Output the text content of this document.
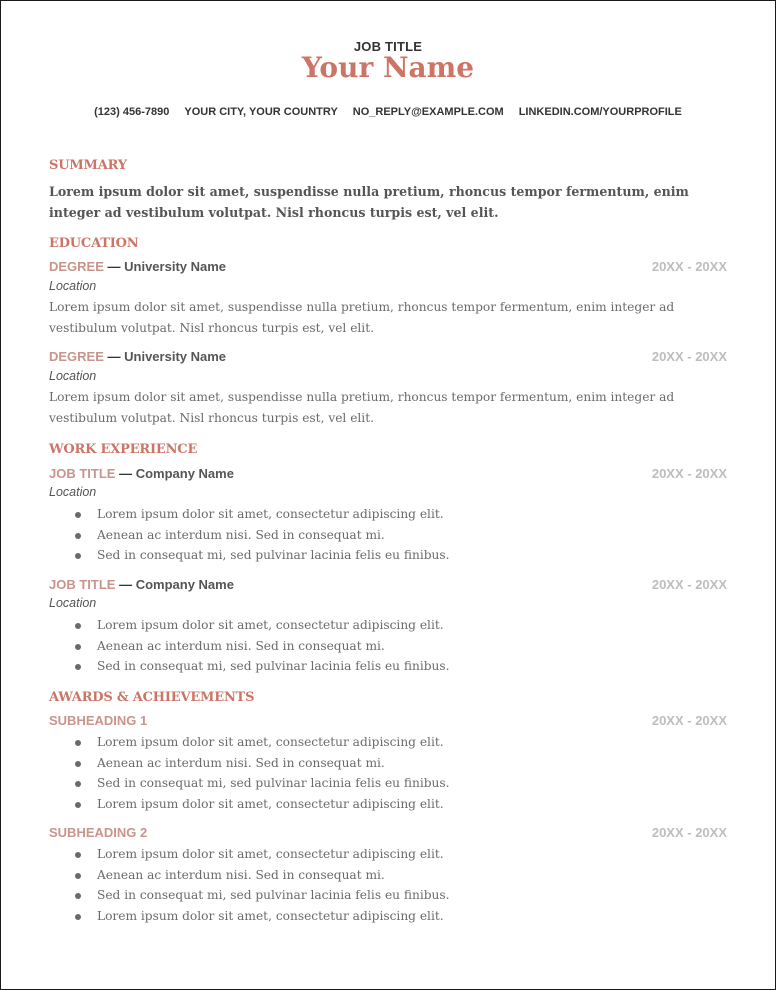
JOB TITLE
Your Name
(123) 456-7890 YOUR CITY, YOUR COUNTRY NO_REPLY@EXAMPLE.COM LINKEDIN.COM/YOURPROFILE
SUMMARY
Lorem ipsum dolor sit amet, suspendisse nulla pretium, rhoncus tempor fermentum, enim integer ad vestibulum volutpat. Nisl rhoncus turpis est, vel elit.
EDUCATION
DEGREE — University Name	20XX - 20XX
Location
Lorem ipsum dolor sit amet, suspendisse nulla pretium, rhoncus tempor fermentum, enim integer ad vestibulum volutpat. Nisl rhoncus turpis est, vel elit.
DEGREE — University Name	20XX - 20XX
Location
Lorem ipsum dolor sit amet, suspendisse nulla pretium, rhoncus tempor fermentum, enim integer ad vestibulum volutpat. Nisl rhoncus turpis est, vel elit.
WORK EXPERIENCE
JOB TITLE — Company Name	20XX - 20XX
Location
Lorem ipsum dolor sit amet, consectetur adipiscing elit.
Aenean ac interdum nisi. Sed in consequat mi.
Sed in consequat mi, sed pulvinar lacinia felis eu finibus.
JOB TITLE — Company Name	20XX - 20XX
Location
Lorem ipsum dolor sit amet, consectetur adipiscing elit.
Aenean ac interdum nisi. Sed in consequat mi.
Sed in consequat mi, sed pulvinar lacinia felis eu finibus.
AWARDS & ACHIEVEMENTS
SUBHEADING 1	20XX - 20XX
Lorem ipsum dolor sit amet, consectetur adipiscing elit.
Aenean ac interdum nisi. Sed in consequat mi.
Sed in consequat mi, sed pulvinar lacinia felis eu finibus.
Lorem ipsum dolor sit amet, consectetur adipiscing elit.
SUBHEADING 2	20XX - 20XX
Lorem ipsum dolor sit amet, consectetur adipiscing elit.
Aenean ac interdum nisi. Sed in consequat mi.
Sed in consequat mi, sed pulvinar lacinia felis eu finibus.
Lorem ipsum dolor sit amet, consectetur adipiscing elit.
